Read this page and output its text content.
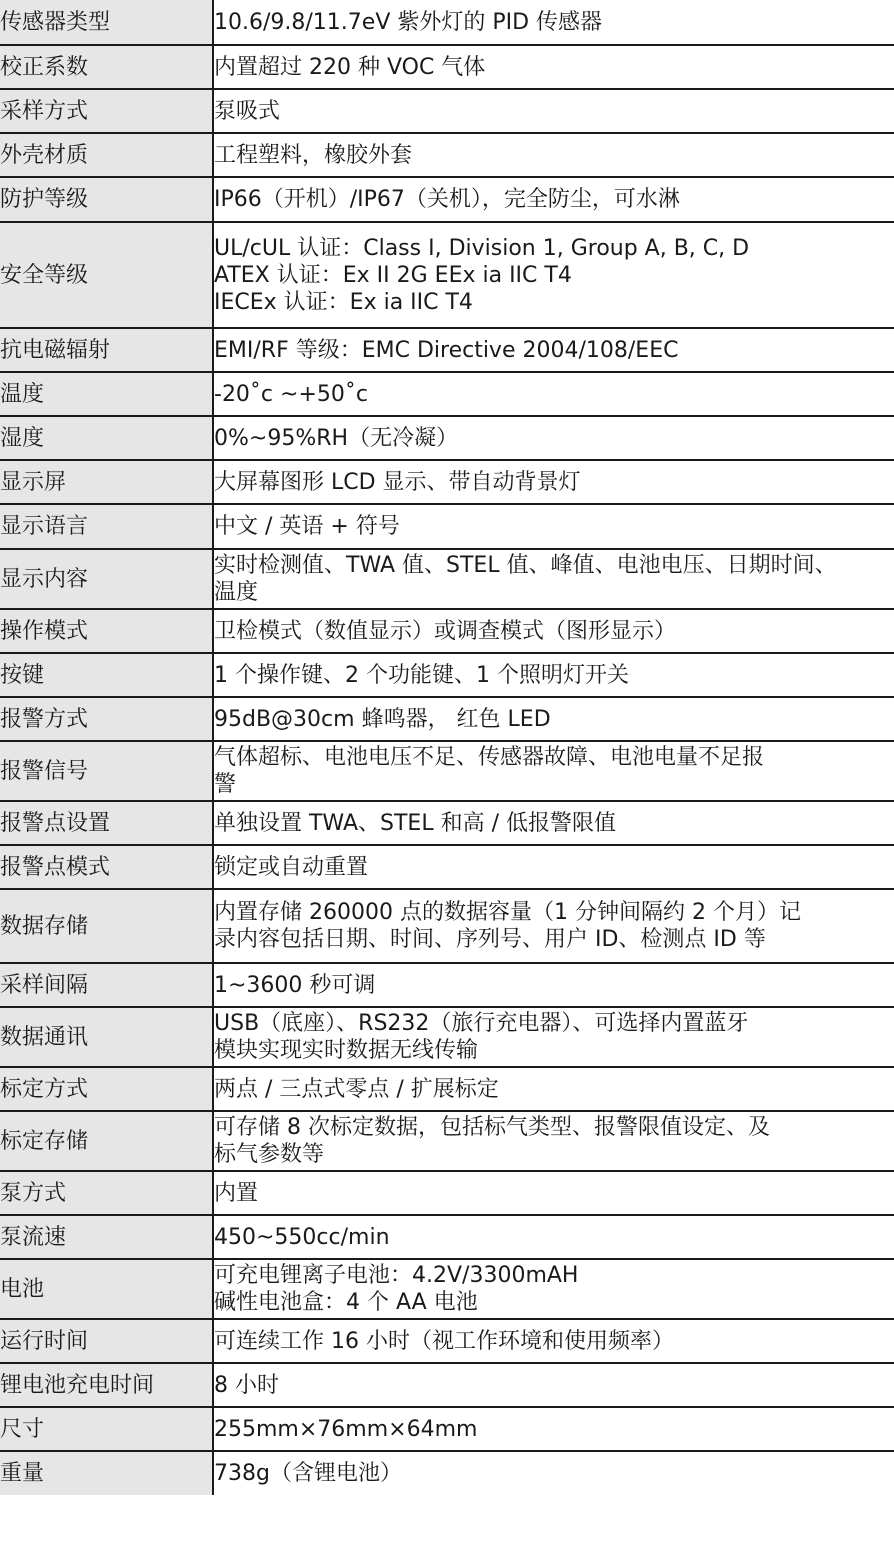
传感器类型	10.6/9.8/11.7eV 紫外灯的 PID 传感器

校正系数	内置超过 220 种 VOC 气体

采样方式	泵吸式

外壳材质	工程塑料，橡胶外套

防护等级	IP66（开机）/IP67（关机），完全防尘，可水淋

安全等级	UL/cUL 认证：Class I, Division 1, Group A, B, C, D
ATEX 认证：Ex II 2G EEx ia IIC T4
IECEx 认证：Ex ia IIC T4

抗电磁辐射	EMI/RF 等级：EMC Directive 2004/108/EEC

温度	-20˚c ~+50˚c

湿度	0%~95%RH（无冷凝）

显示屏	大屏幕图形 LCD 显示、带自动背景灯

显示语言	中文 / 英语 + 符号

显示内容	实时检测值、TWA 值、STEL 值、峰值、电池电压、日期时间、
温度

操作模式	卫检模式（数值显示）或调查模式（图形显示）

按键	1 个操作键、2 个功能键、1 个照明灯开关

报警方式	95dB@30cm 蜂鸣器， 红色 LED

报警信号	气体超标、电池电压不足、传感器故障、电池电量不足报
警

报警点设置	单独设置 TWA、STEL 和高 / 低报警限值

报警点模式	锁定或自动重置

数据存储	内置存储 260000 点的数据容量（1 分钟间隔约 2 个月）记
录内容包括日期、时间、序列号、用户 ID、检测点 ID 等

采样间隔	1~3600 秒可调

数据通讯	USB（底座）、RS232（旅行充电器）、可选择内置蓝牙
模块实现实时数据无线传输

标定方式	两点 / 三点式零点 / 扩展标定

标定存储	可存储 8 次标定数据，包括标气类型、报警限值设定、及
标气参数等

泵方式	内置

泵流速	450~550cc/min

电池	可充电锂离子电池：4.2V/3300mAH
碱性电池盒：4 个 AA 电池

运行时间	可连续工作 16 小时（视工作环境和使用频率）

锂电池充电时间	8 小时

尺寸	255mm×76mm×64mm

重量	738g（含锂电池）
